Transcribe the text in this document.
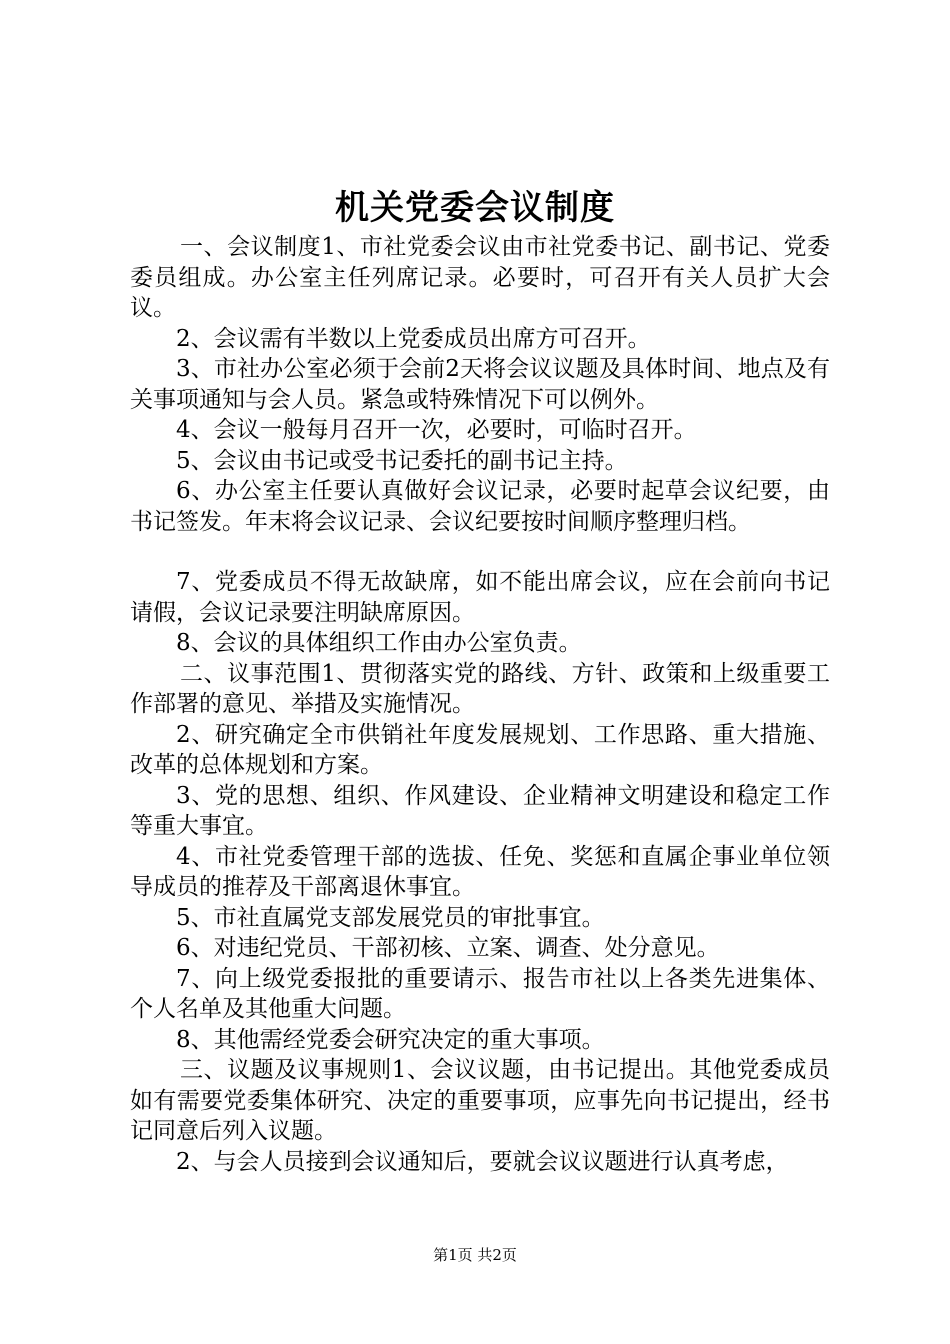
机关党委会议制度

一、会议制度1、市社党委会议由市社党委书记、副书记、党委委员组成。办公室主任列席记录。必要时，可召开有关人员扩大会议。

2、会议需有半数以上党委成员出席方可召开。

3、市社办公室必须于会前2天将会议议题及具体时间、地点及有关事项通知与会人员。紧急或特殊情况下可以例外。

4、会议一般每月召开一次，必要时，可临时召开。

5、会议由书记或受书记委托的副书记主持。

6、办公室主任要认真做好会议记录，必要时起草会议纪要，由书记签发。年末将会议记录、会议纪要按时间顺序整理归档。

7、党委成员不得无故缺席，如不能出席会议，应在会前向书记请假，会议记录要注明缺席原因。

8、会议的具体组织工作由办公室负责。

二、议事范围1、贯彻落实党的路线、方针、政策和上级重要工作部署的意见、举措及实施情况。

2、研究确定全市供销社年度发展规划、工作思路、重大措施、改革的总体规划和方案。

3、党的思想、组织、作风建设、企业精神文明建设和稳定工作等重大事宜。

4、市社党委管理干部的选拔、任免、奖惩和直属企事业单位领导成员的推荐及干部离退休事宜。

5、市社直属党支部发展党员的审批事宜。

6、对违纪党员、干部初核、立案、调查、处分意见。

7、向上级党委报批的重要请示、报告市社以上各类先进集体、个人名单及其他重大问题。

8、其他需经党委会研究决定的重大事项。

三、议题及议事规则1、会议议题，由书记提出。其他党委成员如有需要党委集体研究、决定的重要事项，应事先向书记提出，经书记同意后列入议题。

2、与会人员接到会议通知后，要就会议议题进行认真考虑，

第1页 共2页
